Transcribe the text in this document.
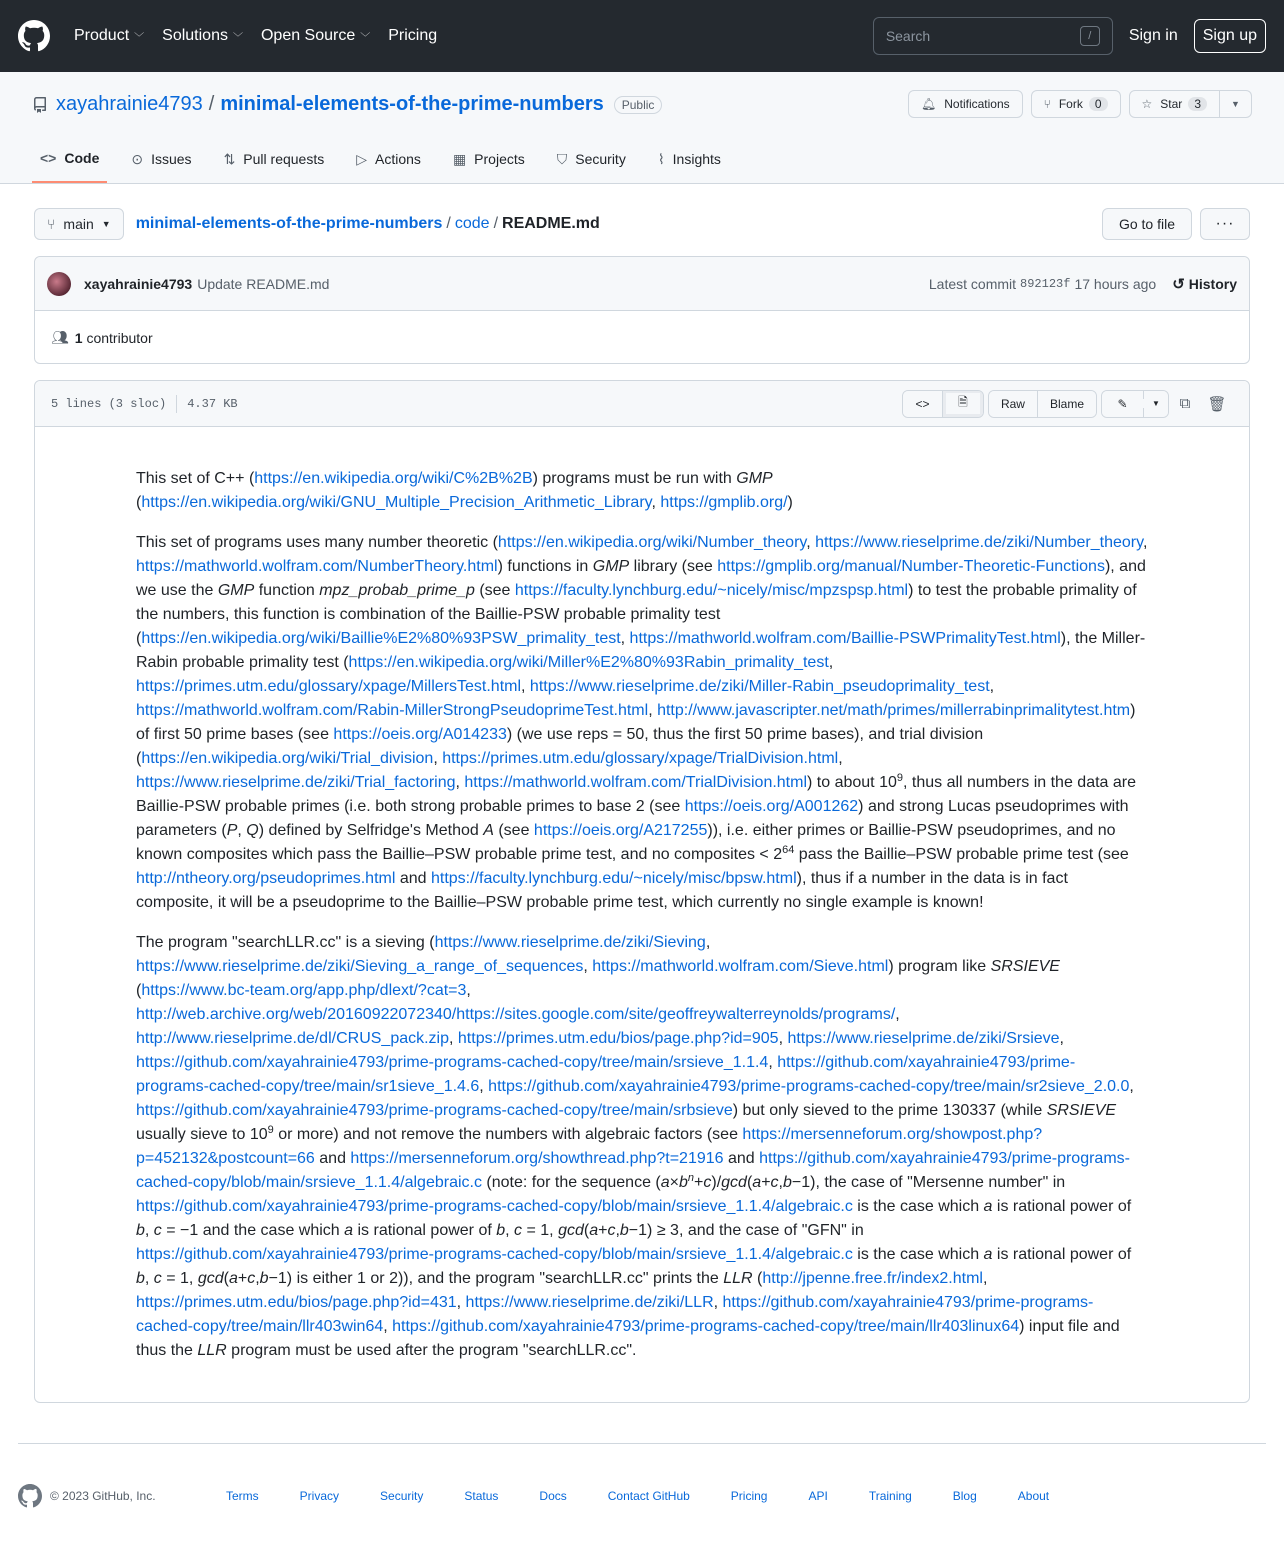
Product ﹀ Solutions ﹀ Open Source ﹀ Pricing	Search	/	Sign in	Sign up
xayahrainie4793 / minimal-elements-of-the-prime-numbers	Public	🔔︎ Notifications	⑂ Fork	0	☆ Star	3	▼
<> Code ⊙ Issues ⇅ Pull requests ▷ Actions ▦ Projects ⛉ Security ⌇ Insights
⑂ main ▼ minimal-elements-of-the-prime-numbers / code / README.md	Go to file	···
xayahrainie4793 Update README.md	Latest commit 892123f 17 hours ago ↺ History
👥︎ 1
contributor
5 lines (3 sloc) 4.37 KB	<>	🗎︎	Raw	Blame	✎	▼	⧉	🗑︎

This set of C++ (https://en.wikipedia.org/wiki/C%2B%2B) programs must be run with GMP (https://en.wikipedia.org/wiki/GNU_Multiple_Precision_Arithmetic_Library, https://gmplib.org/)

This set of programs uses many number theoretic (https://en.wikipedia.org/wiki/Number_theory, https://www.rieselprime.de/ziki/Number_theory, https://mathworld.wolfram.com/NumberTheory.html) functions in GMP library (see https://gmplib.org/manual/Number-Theoretic-Functions), and we use the GMP function mpz_probab_prime_p (see https://faculty.lynchburg.edu/~nicely/misc/mpzspsp.html) to test the probable primality of the numbers, this function is combination of the Baillie-PSW probable primality test (https://en.wikipedia.org/wiki/Baillie%E2%80%93PSW_primality_test, https://mathworld.wolfram.com/Baillie-PSWPrimalityTest.html), the Miller-Rabin probable primality test (https://en.wikipedia.org/wiki/Miller%E2%80%93Rabin_primality_test, https://primes.utm.edu/glossary/xpage/MillersTest.html, https://www.rieselprime.de/ziki/Miller-Rabin_pseudoprimality_test, https://mathworld.wolfram.com/Rabin-MillerStrongPseudoprimeTest.html, http://www.javascripter.net/math/primes/millerrabinprimalitytest.htm) of first 50 prime bases (see https://oeis.org/A014233) (we use reps = 50, thus the first 50 prime bases), and trial division (https://en.wikipedia.org/wiki/Trial_division, https://primes.utm.edu/glossary/xpage/TrialDivision.html, https://www.rieselprime.de/ziki/Trial_factoring, https://mathworld.wolfram.com/TrialDivision.html) to about $10^9$, thus all numbers in the data are Baillie-PSW probable primes (i.e. both strong probable primes to base 2 (see https://oeis.org/A001262) and strong Lucas pseudoprimes with parameters (P, Q) defined by Selfridge's Method A (see https://oeis.org/A217255)), i.e. either primes or Baillie-PSW pseudoprimes, and no known composites which pass the Baillie–PSW probable prime test, and no composites < $2^{64}$ pass the Baillie–PSW probable prime test (see http://ntheory.org/pseudoprimes.html and https://faculty.lynchburg.edu/~nicely/misc/bpsw.html), thus if a number in the data is in fact composite, it will be a pseudoprime to the Baillie–PSW probable prime test, which currently no single example is known!

The program "searchLLR.cc" is a sieving (https://www.rieselprime.de/ziki/Sieving, https://www.rieselprime.de/ziki/Sieving_a_range_of_sequences, https://mathworld.wolfram.com/Sieve.html) program like SRSIEVE (https://www.bc-team.org/app.php/dlext/?cat=3, http://web.archive.org/web/20160922072340/https://sites.google.com/site/geoffreywalterreynolds/programs/, http://www.rieselprime.de/dl/CRUS_pack.zip, https://primes.utm.edu/bios/page.php?id=905, https://www.rieselprime.de/ziki/Srsieve, https://github.com/xayahrainie4793/prime-programs-cached-copy/tree/main/srsieve_1.1.4, https://github.com/xayahrainie4793/prime-programs-cached-copy/tree/main/sr1sieve_1.4.6, https://github.com/xayahrainie4793/prime-programs-cached-copy/tree/main/sr2sieve_2.0.0, https://github.com/xayahrainie4793/prime-programs-cached-copy/tree/main/srbsieve) but only sieved to the prime 130337 (while SRSIEVE usually sieve to $10^9$ or more) and not remove the numbers with algebraic factors (see https://mersenneforum.org/showpost.php?p=452132&postcount=66 and https://mersenneforum.org/showthread.php?t=21916 and https://github.com/xayahrainie4793/prime-programs-cached-copy/blob/main/srsieve_1.1.4/algebraic.c (note: for the sequence $(a\times b^n+c)/\gcd(a+c,b-1)$, the case of "Mersenne number" in https://github.com/xayahrainie4793/prime-programs-cached-copy/blob/main/srsieve_1.1.4/algebraic.c is the case which a is rational power of b, c = −1 and the case which a is rational power of b, c = 1, gcd(a+c,b−1) ≥ 3, and the case of "GFN" in https://github.com/xayahrainie4793/prime-programs-cached-copy/blob/main/srsieve_1.1.4/algebraic.c is the case which a is rational power of b, c = 1, gcd(a+c,b−1) is either 1 or 2)), and the program "searchLLR.cc" prints the LLR (http://jpenne.free.fr/index2.html, https://primes.utm.edu/bios/page.php?id=431, https://www.rieselprime.de/ziki/LLR, https://github.com/xayahrainie4793/prime-programs-cached-copy/tree/main/llr403win64, https://github.com/xayahrainie4793/prime-programs-cached-copy/tree/main/llr403linux64) input file and thus the LLR program must be used after the program "searchLLR.cc".

© 2023 GitHub, Inc.	Terms	Privacy	Security	Status	Docs	Contact GitHub	Pricing	API	Training	Blog	About
